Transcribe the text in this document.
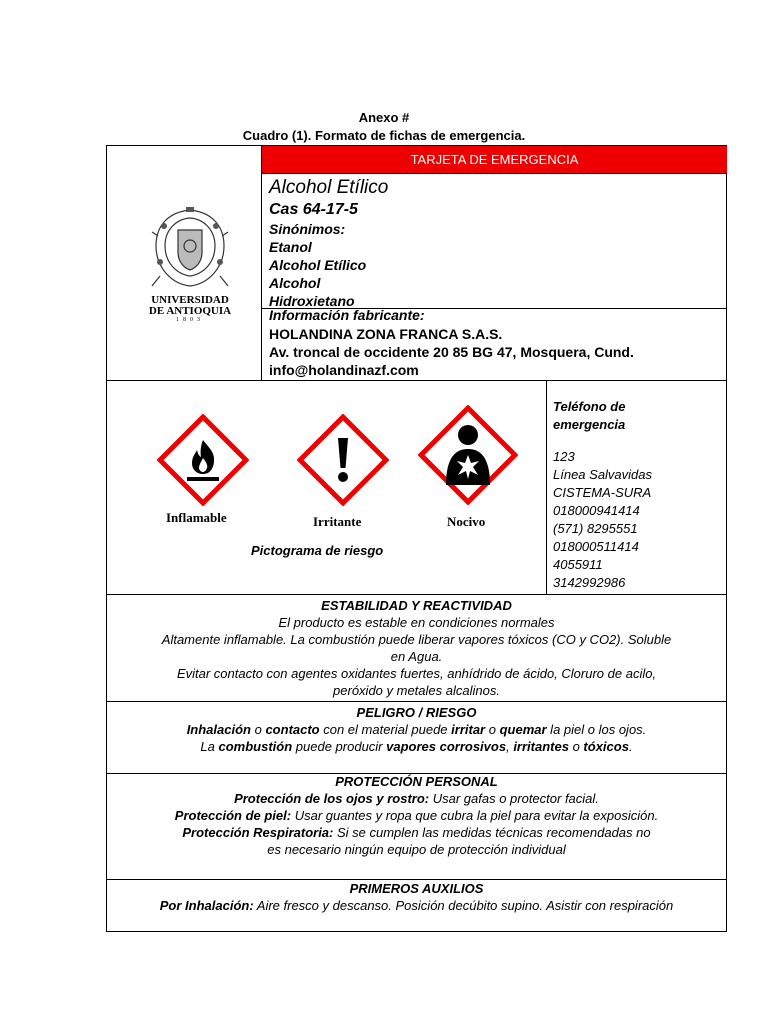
Anexo #
Cuadro (1). Formato de fichas de emergencia.
TARJETA DE EMERGENCIA
UNIVERSIDAD
DE ANTIOQUIA
1803
Alcohol Etílico
Cas 64-17-5
Sinónimos:
Etanol
Alcohol Etílico
Alcohol
Hidroxietano
Información fabricante:
HOLANDINA ZONA FRANCA S.A.S.
Av. troncal de occidente 20 85 BG 47, Mosquera, Cund.
info@holandinazf.com
Inflamable	Irritante	Nocivo
Pictograma de riesgo
Teléfono de
emergencia
123
Línea Salvavidas
CISTEMA-SURA
018000941414
(571) 8295551
018000511414
4055911
3142992986
ESTABILIDAD Y REACTIVIDAD
El producto es estable en condiciones normales
Altamente inflamable. La combustión puede liberar vapores tóxicos (CO y CO2). Soluble
en Agua.
Evitar contacto con agentes oxidantes fuertes, anhídrido de ácido, Cloruro de acilo,
peróxido y metales alcalinos.
PELIGRO / RIESGO
Inhalación o contacto con el material puede irritar o quemar la piel o los ojos.
La combustión puede producir vapores corrosivos, irritantes o tóxicos.
PROTECCIÓN PERSONAL
Protección de los ojos y rostro: Usar gafas o protector facial.
Protección de piel: Usar guantes y ropa que cubra la piel para evitar la exposición.
Protección Respiratoria: Si se cumplen las medidas técnicas recomendadas no
es necesario ningún equipo de protección individual
PRIMEROS AUXILIOS
Por Inhalación: Aire fresco y descanso. Posición decúbito supino. Asistir con respiración
